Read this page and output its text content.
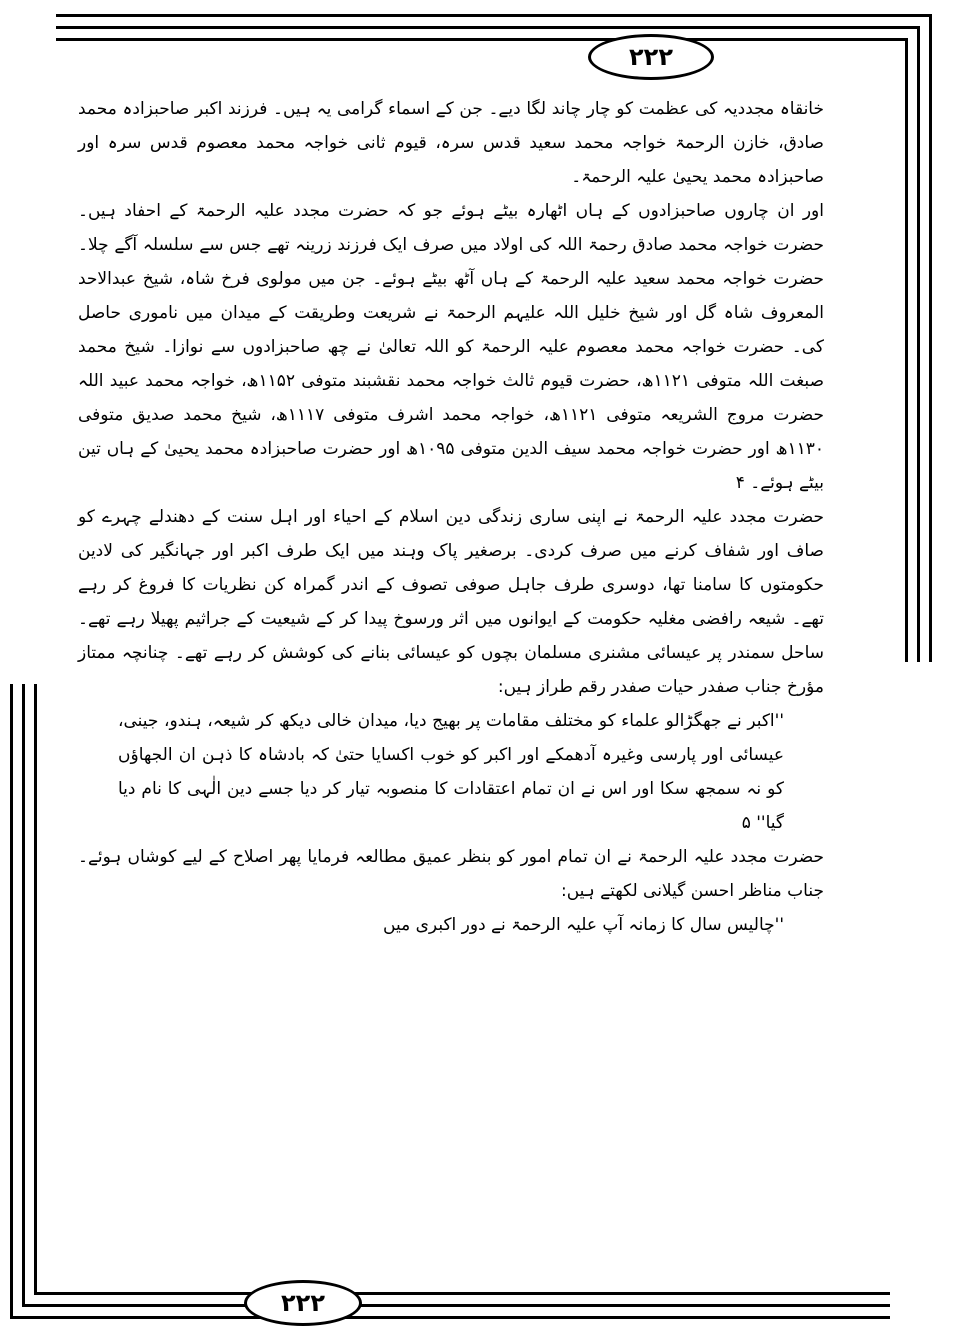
۲۲۲
۲۲۲

خانقاہ مجددیہ کی عظمت کو چار چاند لگا دیے۔ جن کے اسماء گرامی یہ ہیں۔ فرزند اکبر صاحبزادہ محمد صادق، خازن الرحمۃ خواجہ محمد سعید قدس سرہ، قیوم ثانی خواجہ محمد معصوم قدس سرہ اور صاحبزادہ محمد یحییٰ علیہ الرحمۃ۔

اور ان چاروں صاحبزادوں کے ہاں اٹھارہ بیٹے ہوئے جو کہ حضرت مجدد علیہ الرحمۃ کے احفاد ہیں۔ حضرت خواجہ محمد صادق رحمۃ اللہ کی اولاد میں صرف ایک فرزند زرینہ تھے جس سے سلسلہ آگے چلا۔ حضرت خواجہ محمد سعید علیہ الرحمۃ کے ہاں آٹھ بیٹے ہوئے۔ جن میں مولوی فرخ شاہ، شیخ عبدالاحد المعروف شاہ گل اور شیخ خلیل اللہ علیہم الرحمۃ نے شریعت وطریقت کے میدان میں ناموری حاصل کی۔ حضرت خواجہ محمد معصوم علیہ الرحمۃ کو اللہ تعالیٰ نے چھ صاحبزادوں سے نوازا۔ شیخ محمد صبغت اللہ متوفی ۱۱۲۱ھ، حضرت قیوم ثالث خواجہ محمد نقشبند متوفی ۱۱۵۲ھ، خواجہ محمد عبید اللہ حضرت مروج الشریعہ متوفی ۱۱۲۱ھ، خواجہ محمد اشرف متوفی ۱۱۱۷ھ، شیخ محمد صدیق متوفی ۱۱۳۰ھ اور حضرت خواجہ محمد سیف الدین متوفی ۱۰۹۵ھ اور حضرت صاحبزادہ محمد یحییٰ کے ہاں تین بیٹے ہوئے۔ ۴

حضرت مجدد علیہ الرحمۃ نے اپنی ساری زندگی دین اسلام کے احیاء اور اہل سنت کے دھندلے چہرے کو صاف اور شفاف کرنے میں صرف کردی۔ برصغیر پاک وہند میں ایک طرف اکبر اور جہانگیر کی لادین حکومتوں کا سامنا تھا، دوسری طرف جاہل صوفی تصوف کے اندر گمراہ کن نظریات کا فروغ کر رہے تھے۔ شیعہ رافضی مغلیہ حکومت کے ایوانوں میں اثر ورسوخ پیدا کر کے شیعیت کے جراثیم پھیلا رہے تھے۔ ساحل سمندر پر عیسائی مشنری مسلمان بچوں کو عیسائی بنانے کی کوشش کر رہے تھے۔ چنانچہ ممتاز مؤرخ جناب صفدر حیات صفدر رقم طراز ہیں:

''اکبر نے جھگڑالو علماء کو مختلف مقامات پر بھیج دیا، میدان خالی دیکھ کر شیعہ، ہندو، جینی، عیسائی اور پارسی وغیرہ آدھمکے اور اکبر کو خوب اکسایا حتیٰ کہ بادشاہ کا ذہن ان الجھاؤں کو نہ سمجھ سکا اور اس نے ان تمام اعتقادات کا منصوبہ تیار کر دیا جسے دین الٰہی کا نام دیا گیا'' ۵

حضرت مجدد علیہ الرحمۃ نے ان تمام امور کو بنظر عمیق مطالعہ فرمایا پھر اصلاح کے لیے کوشاں ہوئے۔ جناب مناظر احسن گیلانی لکھتے ہیں:

''چالیس سال کا زمانہ آپ علیہ الرحمۃ نے دور اکبری میں
